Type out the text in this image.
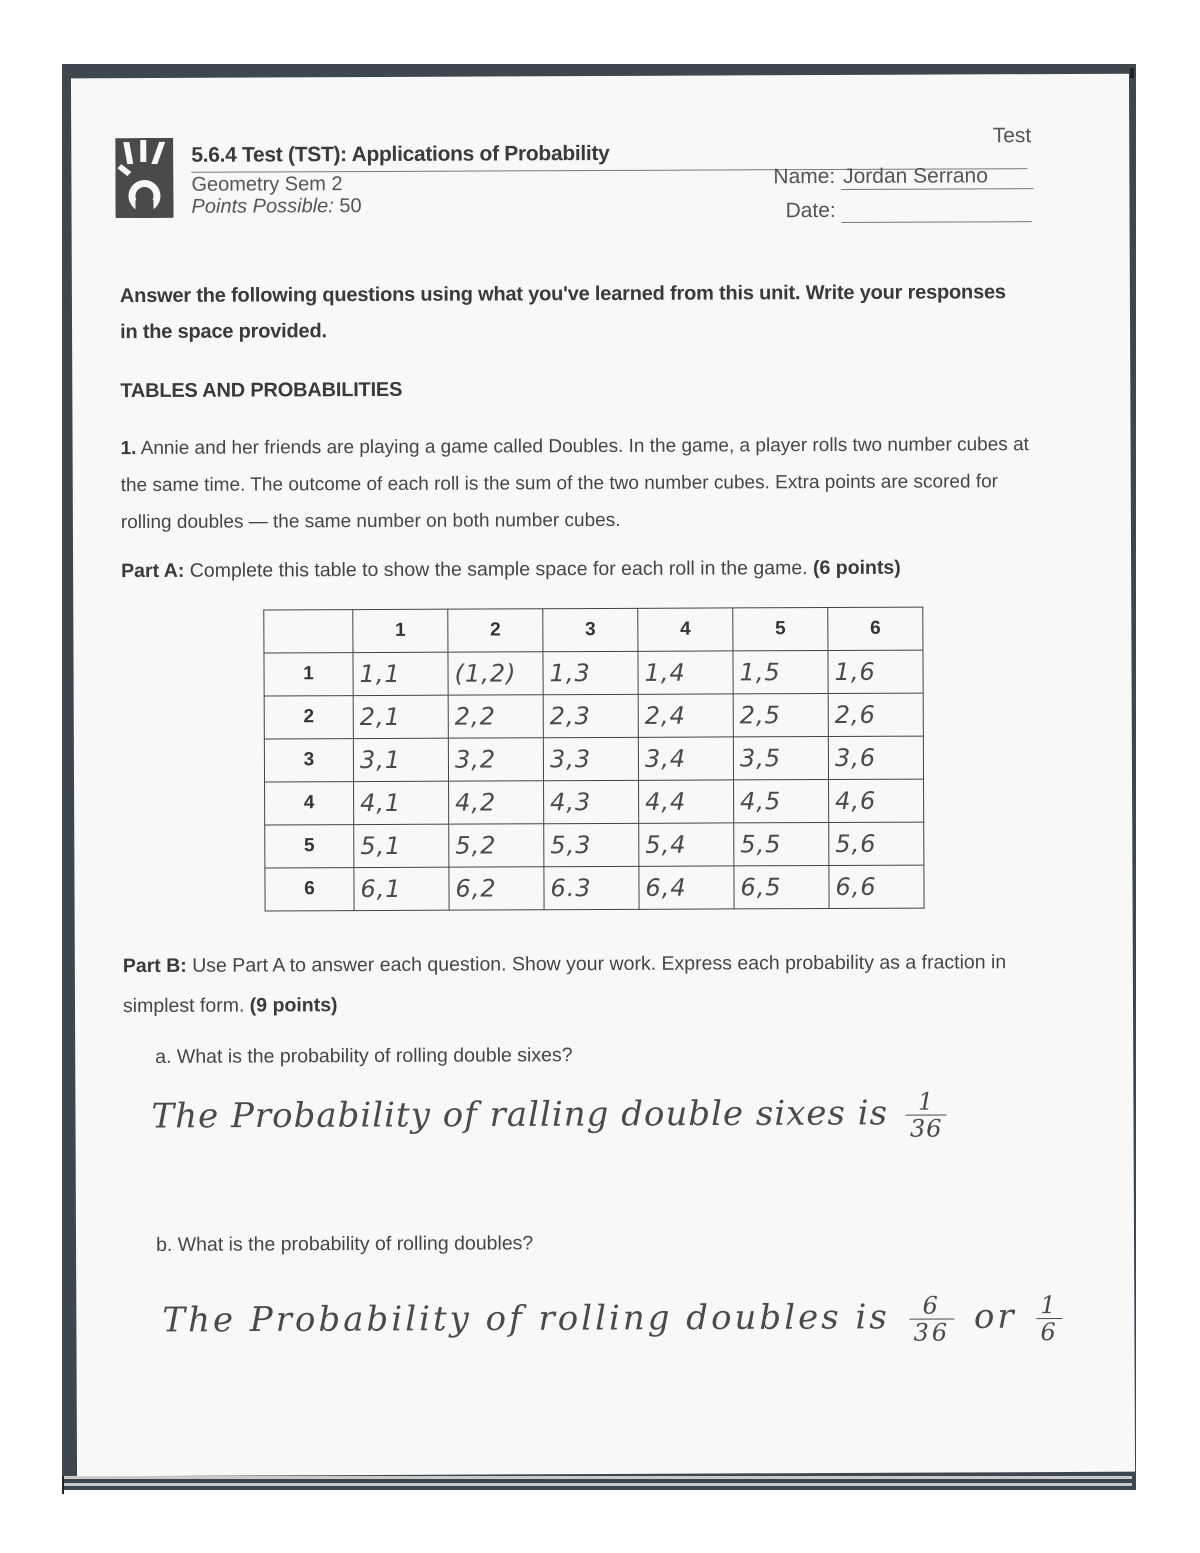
5.6.4 Test (TST): Applications of Probability
Geometry Sem 2
Points Possible: 50
Test
Name: Jordan Serrano
Date:
Answer the following questions using what you've learned from this unit. Write your responses in the space provided.
TABLES AND PROBABILITIES
1. Annie and her friends are playing a game called Doubles. In the game, a player rolls two number cubes at the same time. The outcome of each roll is the sum of the two number cubes. Extra points are scored for rolling doubles — the same number on both number cubes.
Part A: Complete this table to show the sample space for each roll in the game. (6 points)
	1	2	3	4	5	6
1	1,1	(1,2)	1,3	1,4	1,5	1,6
2	2,1	2,2	2,3	2,4	2,5	2,6
3	3,1	3,2	3,3	3,4	3,5	3,6
4	4,1	4,2	4,3	4,4	4,5	4,6
5	5,1	5,2	5,3	5,4	5,5	5,6
6	6,1	6,2	6.3	6,4	6,5	6,6
Part B: Use Part A to answer each question. Show your work. Express each probability as a fraction in simplest form. (9 points)
a. What is the probability of rolling double sixes?
The Probability of ralling double sixes is $\frac{1}{36}$
b. What is the probability of rolling doubles?
The Probability of rolling doubles is $\frac{6}{36}$ or $\frac{1}{6}$
